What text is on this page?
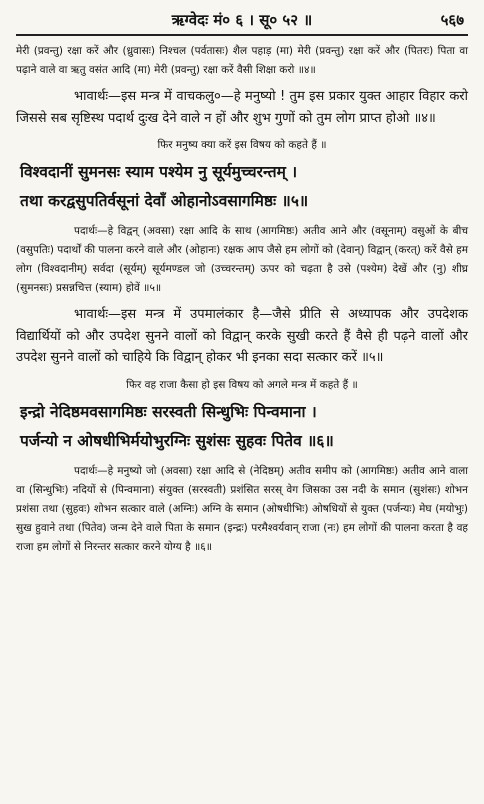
ऋग्वेदः मं० ६ । सू० ५२ ॥	५६७

मेरी (प्रवन्तु) रक्षा करें और (ध्रुवासः) निश्चल (पर्वतासः) शैल पहाड़ (मा) मेरी (प्रवन्तु) रक्षा करें और (पितरः) पिता वा पढ़ाने वाले वा ऋतु वसंत आदि (मा) मेरी (प्रवन्तु) रक्षा करें वैसी शिक्षा करो ॥४॥

भावार्थः—इस मन्त्र में वाचकलु०—हे मनुष्यो ! तुम इस प्रकार युक्त आहार विहार करो जिससे सब सृष्टिस्थ पदार्थ दुःख देने वाले न हों और शुभ गुणों को तुम लोग प्राप्त होओ ॥४॥

फिर मनुष्य क्या करें इस विषय को कहते हैं ॥
विश्वदानीं सुमनसः स्याम पश्येम नु सूर्यमुच्चरन्तम् ।
तथा करद्वसुपतिर्वसूनां देवाँ ओहानोऽवसागमिष्ठः ॥५॥

पदार्थः—हे विद्वन् (अवसा) रक्षा आदि के साथ (आगमिष्ठः) अतीव आने और (वसूनाम्) वसुओं के बीच (वसुपतिः) पदार्थों की पालना करने वाले और (ओहानः) रक्षक आप जैसे हम लोगों को (देवान्) विद्वान् (करत्) करें वैसे हम लोग (विश्वदानीम्) सर्वदा (सूर्यम्) सूर्यमण्डल जो (उच्चरन्तम्) ऊपर को चढ़ता है उसे (पश्येम) देखें और (नु) शीघ्र (सुमनसः) प्रसन्नचित्त (स्याम) होवें ॥५॥

भावार्थः—इस मन्त्र में उपमालंकार है—जैसे प्रीति से अध्यापक और उपदेशक विद्यार्थियों को और उपदेश सुनने वालों को विद्वान् करके सुखी करते हैं वैसे ही पढ़ने वालों और उपदेश सुनने वालों को चाहिये कि विद्वान् होकर भी इनका सदा सत्कार करें ॥५॥

फिर वह राजा कैसा हो इस विषय को अगले मन्त्र में कहते हैं ॥
इन्द्रो नेदिष्ठमवसागमिष्ठः सरस्वती सिन्धुभिः पिन्वमाना ।
पर्जन्यो न ओषधीभिर्मयोभुरग्निः सुशंसः सुहवः पितेव ॥६॥

पदार्थः—हे मनुष्यो जो (अवसा) रक्षा आदि से (नेदिष्ठम्) अतीव समीप को (आगमिष्ठः) अतीव आने वाला वा (सिन्धुभिः) नदियों से (पिन्वमाना) संयुक्त (सरस्वती) प्रशंसित सरस् वेग जिसका उस नदी के समान (सुशंसः) शोभन प्रशंसा तथा (सुहवः) शोभन सत्कार वाले (अग्निः) अग्नि के समान (ओषधीभिः) ओषधियों से युक्त (पर्जन्यः) मेघ (मयोभुः) सुख हुवाने तथा (पितेव) जन्म देने वाले पिता के समान (इन्द्रः) परमैश्वर्यवान् राजा (नः) हम लोगों की पालना करता है वह राजा हम लोगों से निरन्तर सत्कार करने योग्य है ॥६॥
